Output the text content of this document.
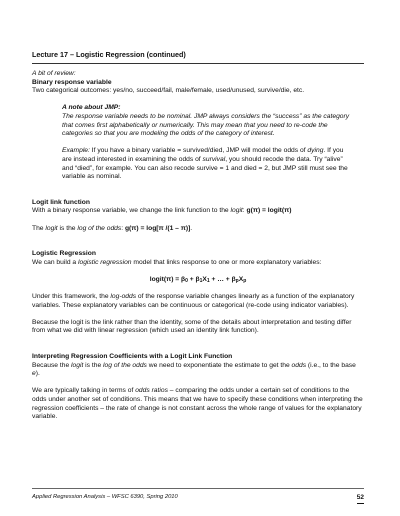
Lecture 17 – Logistic Regression (continued)

A bit of review:

Binary response variable

Two categorical outcomes: yes/no, succeed/fail, male/female, used/unused, survive/die, etc.

A note about JMP:

The response variable needs to be nominal. JMP always considers the “success” as the category that comes first alphabetically or numerically. This may mean that you need to re-code the categories so that you are modeling the odds of the category of interest.

Example: If you have a binary variable = survived/died, JMP will model the odds of dying. If you are instead interested in examining the odds of survival, you should recode the data. Try “alive” and “died”, for example. You can also recode survive = 1 and died = 2, but JMP still must see the variable as nominal.

Logit link function

With a binary response variable, we change the link function to the logit: g(π) = logit(π)

The logit is the log of the odds: g(π) = log[π /(1 – π)].

Logistic Regression

We can build a logistic regression model that links response to one or more explanatory variables:

logit(π) = $\beta_0 + \beta_1X_1$ + … + $\beta_pX_p$

Under this framework, the log-odds of the response variable changes linearly as a function of the explanatory variables. These explanatory variables can be continuous or categorical (re-code using indicator variables).

Because the logit is the link rather than the identity, some of the details about interpretation and testing differ from what we did with linear regression (which used an identity link function).

Interpreting Regression Coefficients with a Logit Link Function

Because the logit is the log of the odds we need to exponentiate the estimate to get the odds (i.e., to the base e).

We are typically talking in terms of odds ratios – comparing the odds under a certain set of conditions to the odds under another set of conditions. This means that we have to specify these conditions when interpreting the regression coefficients – the rate of change is not constant across the whole range of values for the explanatory variable.

Applied Regression Analysis – WFSC 6390, Spring 2010	52
